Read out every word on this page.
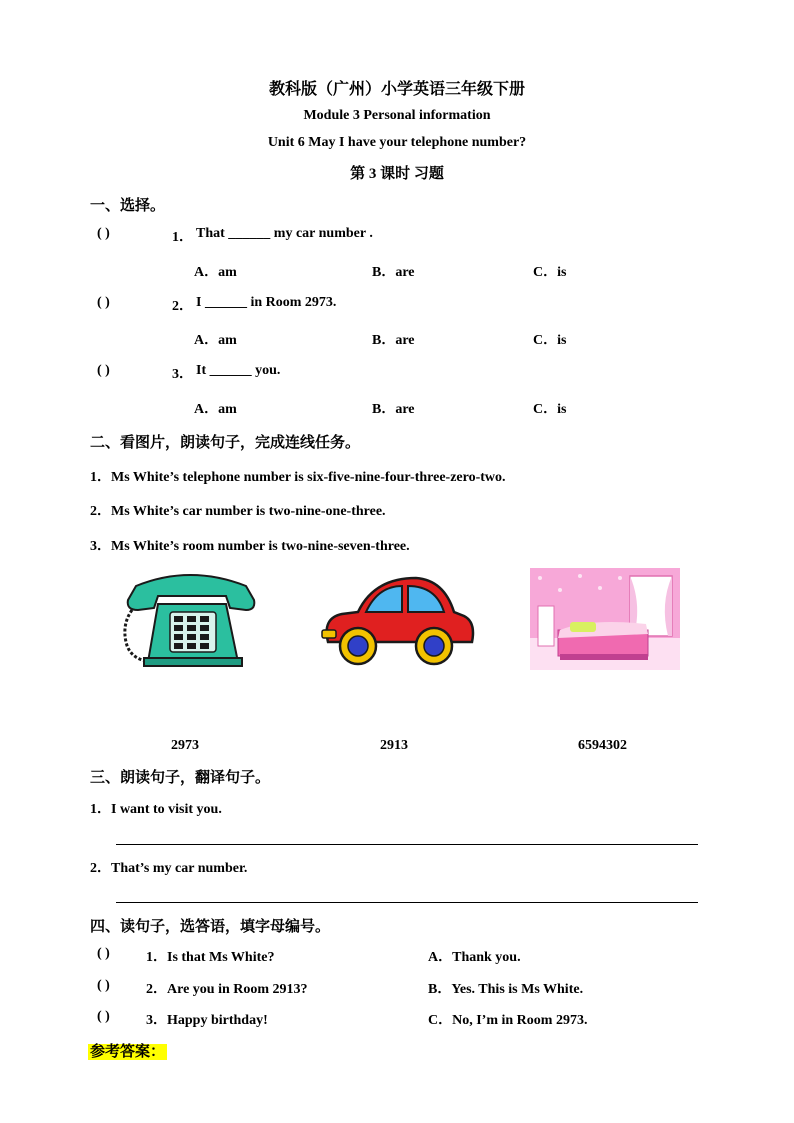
教科版（广州）小学英语三年级下册
Module 3 Personal information
Unit 6 May I have your telephone number?
第 3 课时 习题
一、选择。
( )	1． That ______ my car number .
A．am	B．are	C．is
( )	2． I ______ in Room 2973.
A．am	B．are	C．is
( )	3． It ______ you.
A．am	B．are	C．is
二、看图片，朗读句子，完成连线任务。
1．Ms White’s telephone number is six-five-nine-four-three-zero-two.
2．Ms White’s car number is two-nine-one-three.
3．Ms White’s room number is two-nine-seven-three.
2973	2913	6594302
三、朗读句子，翻译句子。
1．I want to visit you.
2．That’s my car number.
四、读句子，选答语，填字母编号。
( )	1．Is that Ms White?	A．Thank you.
( )	2．Are you in Room 2913?	B．Yes. This is Ms White.
( )	3．Happy birthday!	C．No, I’m in Room 2973.
参考答案：
